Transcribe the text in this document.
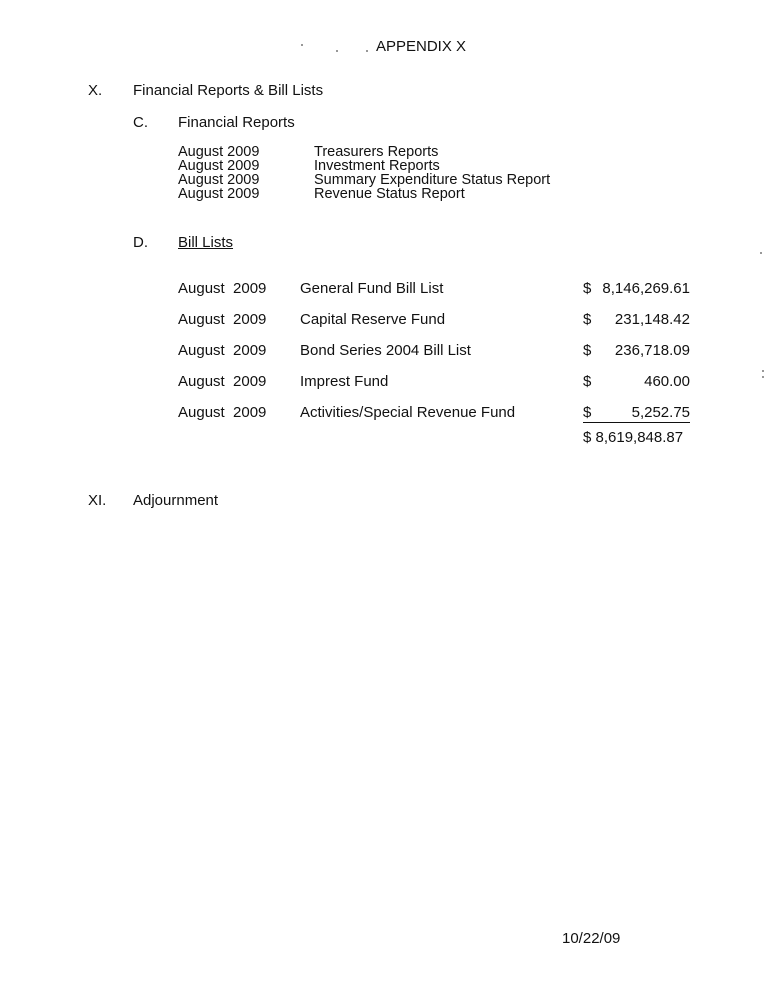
APPENDIX X
X. Financial Reports & Bill Lists
C. Financial Reports
August 2009	Treasurers Reports
August 2009	Investment Reports
August 2009	Summary Expenditure Status Report
August 2009	Revenue Status Report
D. Bill Lists
August  2009 General Fund Bill List	$ 8,146,269.61
August  2009 Capital Reserve Fund	$ 231,148.42
August  2009 Bond Series 2004 Bill List	$ 236,718.09
August  2009 Imprest Fund	$	460.00
August  2009 Activities/Special Revenue Fund	$	5,252.75
$ 8,619,848.87
XI. Adjournment
10/22/09
